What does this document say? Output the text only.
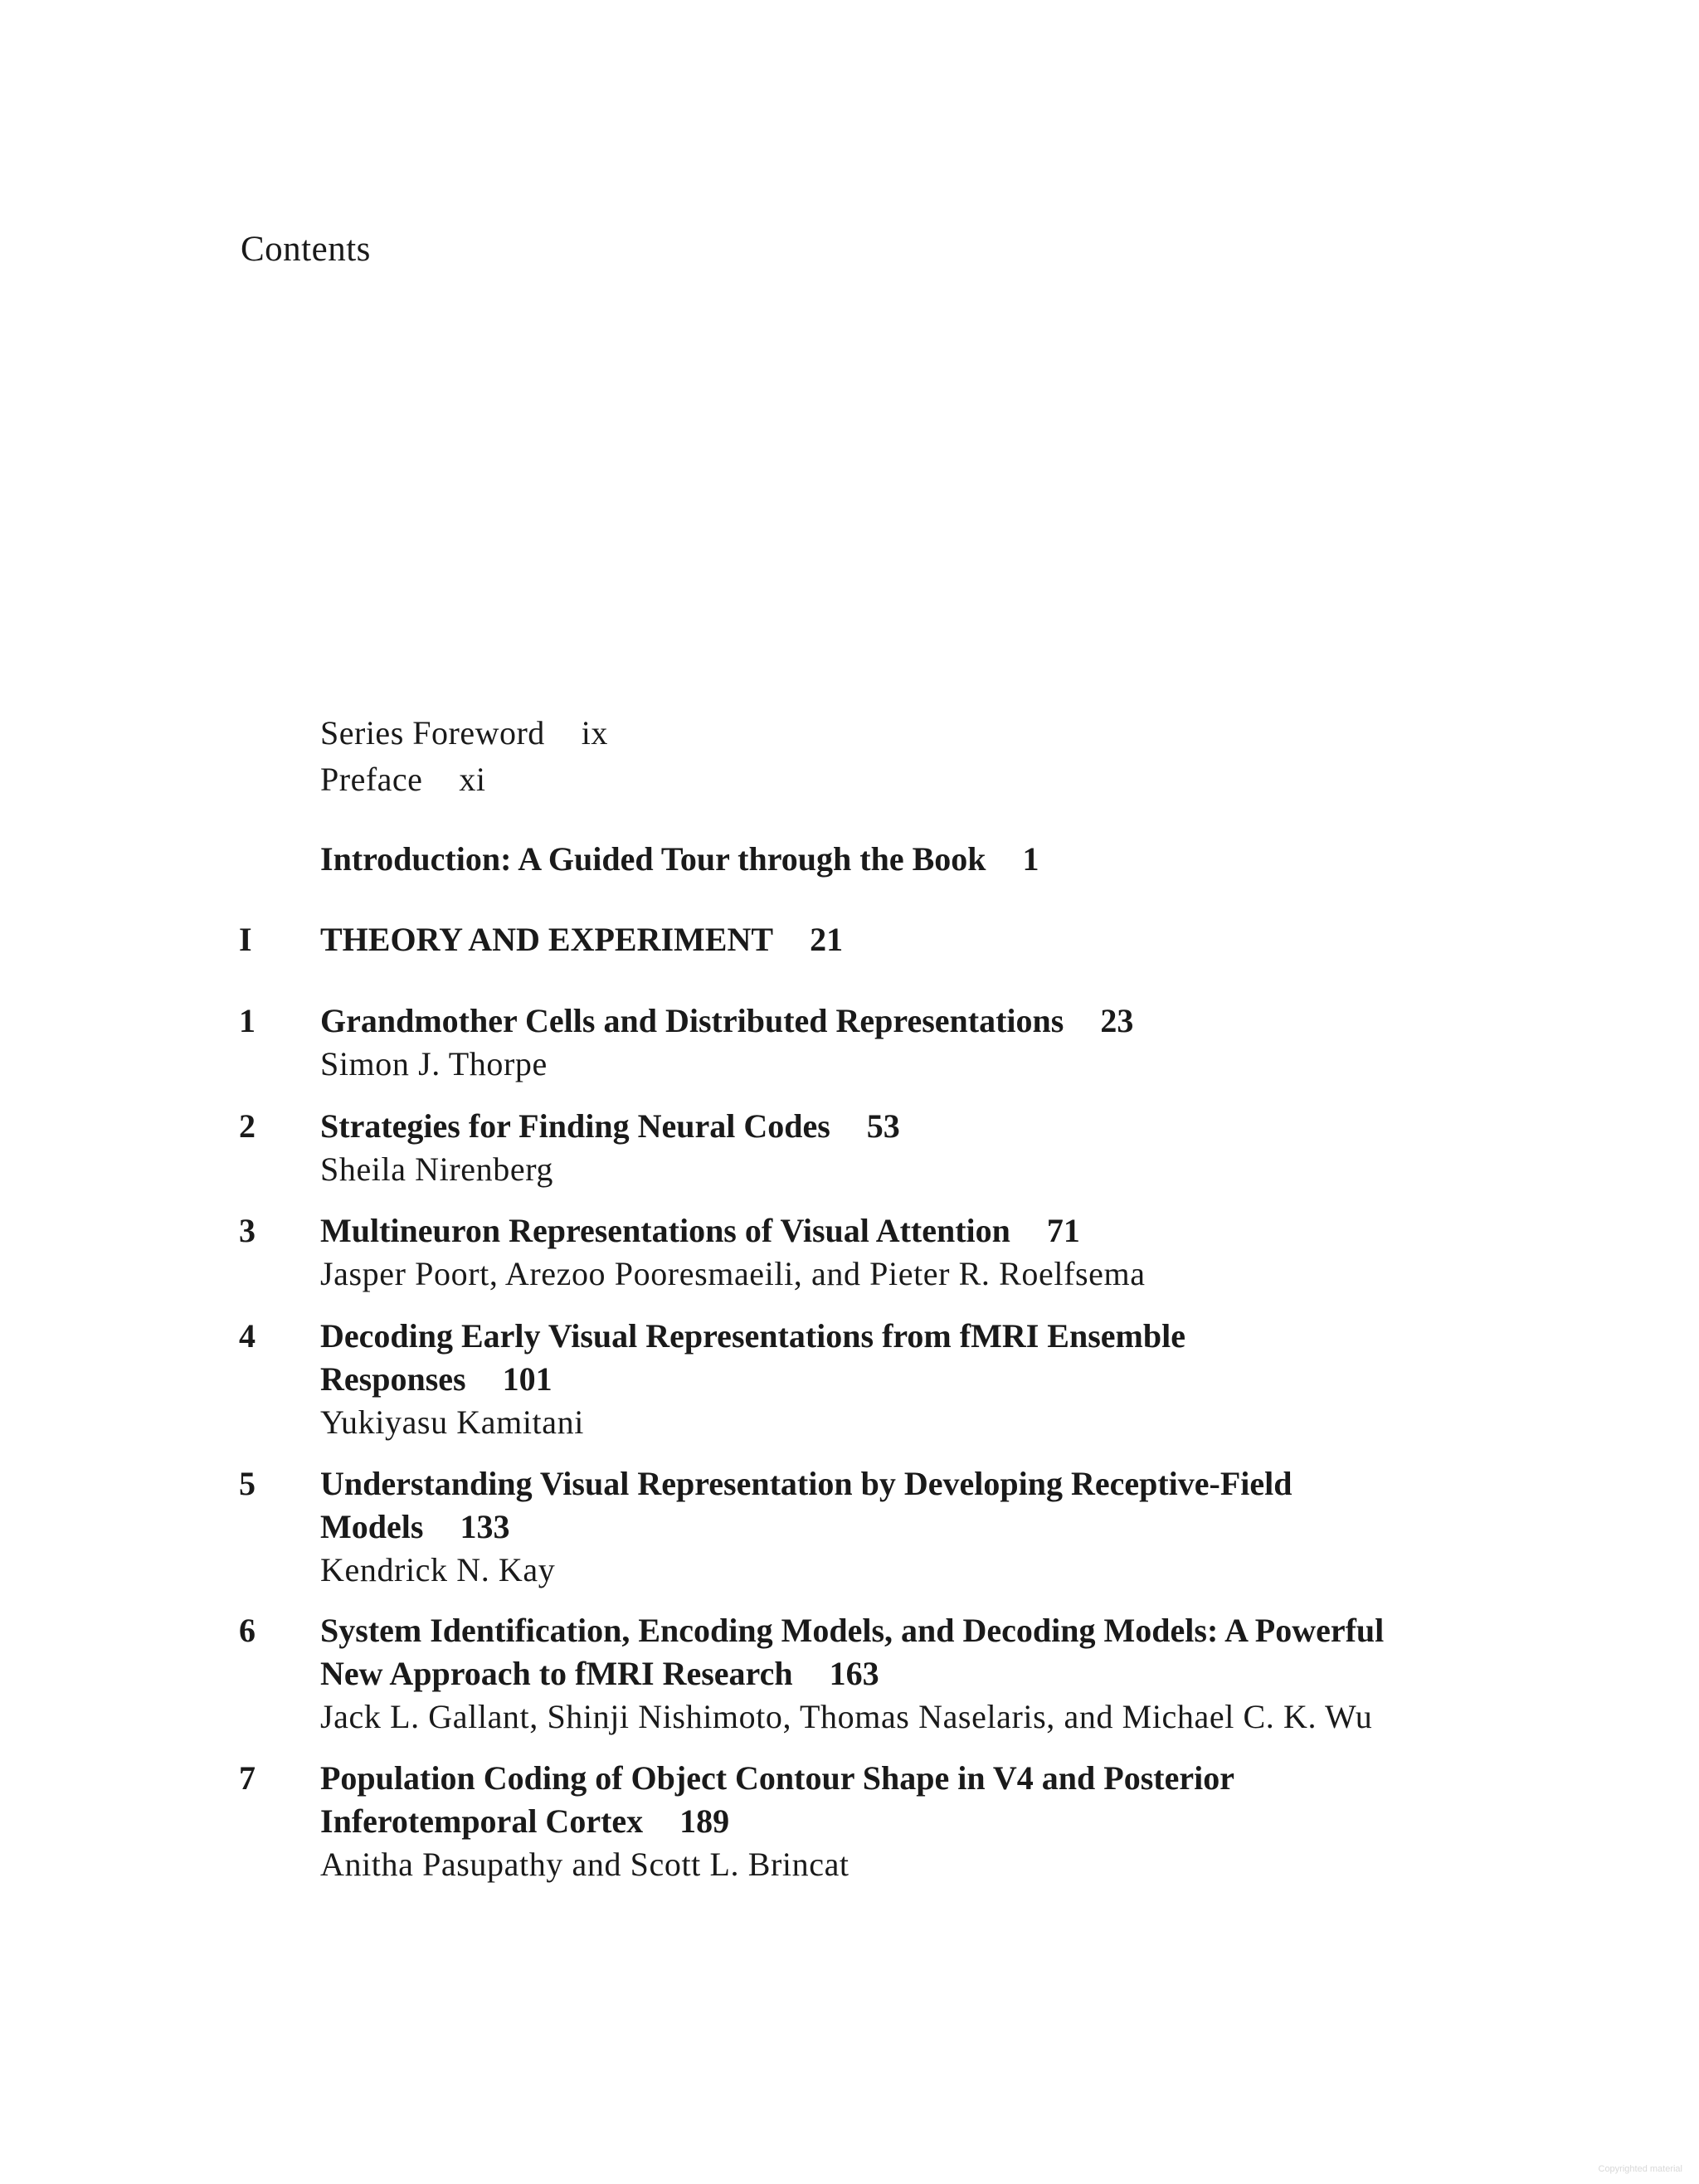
Contents
Series Foreword ix
Preface xi
Introduction: A Guided Tour through the Book 1
I THEORY AND EXPERIMENT 21
1 Grandmother Cells and Distributed Representations 23
Simon J. Thorpe
2 Strategies for Finding Neural Codes 53
Sheila Nirenberg
3 Multineuron Representations of Visual Attention 71
Jasper Poort, Arezoo Pooresmaeili, and Pieter R. Roelfsema
4 Decoding Early Visual Representations from fMRI Ensemble
Responses 101
Yukiyasu Kamitani
5 Understanding Visual Representation by Developing Receptive-Field
Models 133
Kendrick N. Kay
6 System Identification, Encoding Models, and Decoding Models: A Powerful
New Approach to fMRI Research 163
Jack L. Gallant, Shinji Nishimoto, Thomas Naselaris, and Michael C. K. Wu
7 Population Coding of Object Contour Shape in V4 and Posterior
Inferotemporal Cortex 189
Anitha Pasupathy and Scott L. Brincat
Copyrighted material
